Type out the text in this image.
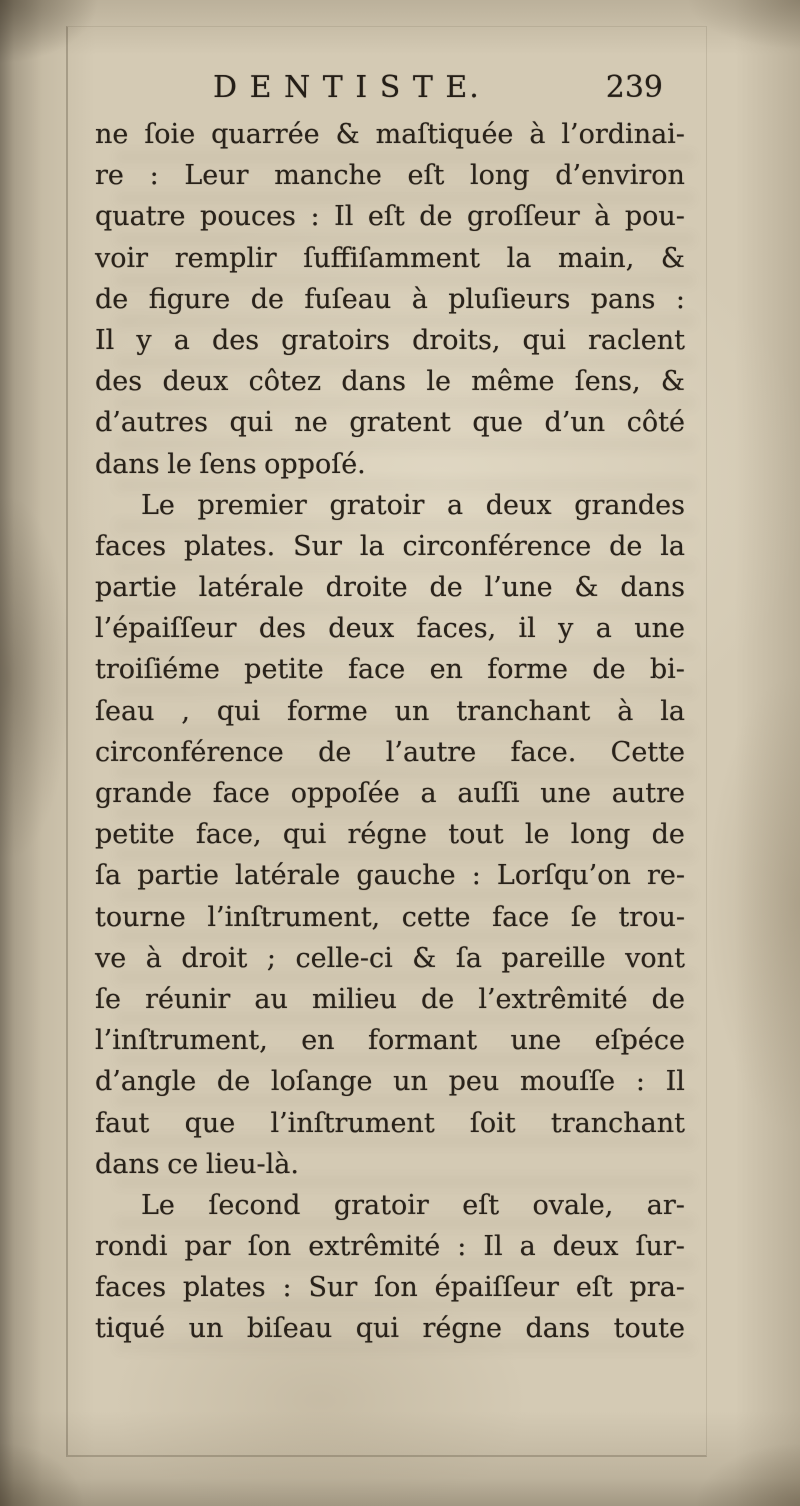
D E N T I S T E.	239

ne ſoie quarrée & maſtiquée à l’ordinai-
re : Leur manche eſt long d’environ
quatre pouces : Il eſt de groſſeur à pou-
voir remplir ſuffiſamment la main, &
de figure de fuſeau à pluſieurs pans :
Il y a des gratoirs droits, qui raclent
des deux côtez dans le même ſens, &
d’autres qui ne gratent que d’un côté
dans le ſens oppoſé.

Le premier gratoir a deux grandes
faces plates. Sur la circonférence de la
partie latérale droite de l’une & dans
l’épaiſſeur des deux faces, il y a une
troiſiéme petite face en forme de bi-
ſeau , qui forme un tranchant à la
circonférence de l’autre face. Cette
grande face oppoſée a auſſi une autre
petite face, qui régne tout le long de
ſa partie latérale gauche : Lorſqu’on re-
tourne l’inſtrument, cette face ſe trou-
ve à droit ; celle-ci & ſa pareille vont
ſe réunir au milieu de l’extrêmité de
l’inſtrument, en formant une eſpéce
d’angle de loſange un peu mouſſe : Il
faut que l’inſtrument ſoit tranchant
dans ce lieu-là.

Le ſecond gratoir eſt ovale, ar-
rondi par ſon extrêmité : Il a deux ſur-
faces plates : Sur ſon épaiſſeur eſt pra-
tiqué un biſeau qui régne dans toute
